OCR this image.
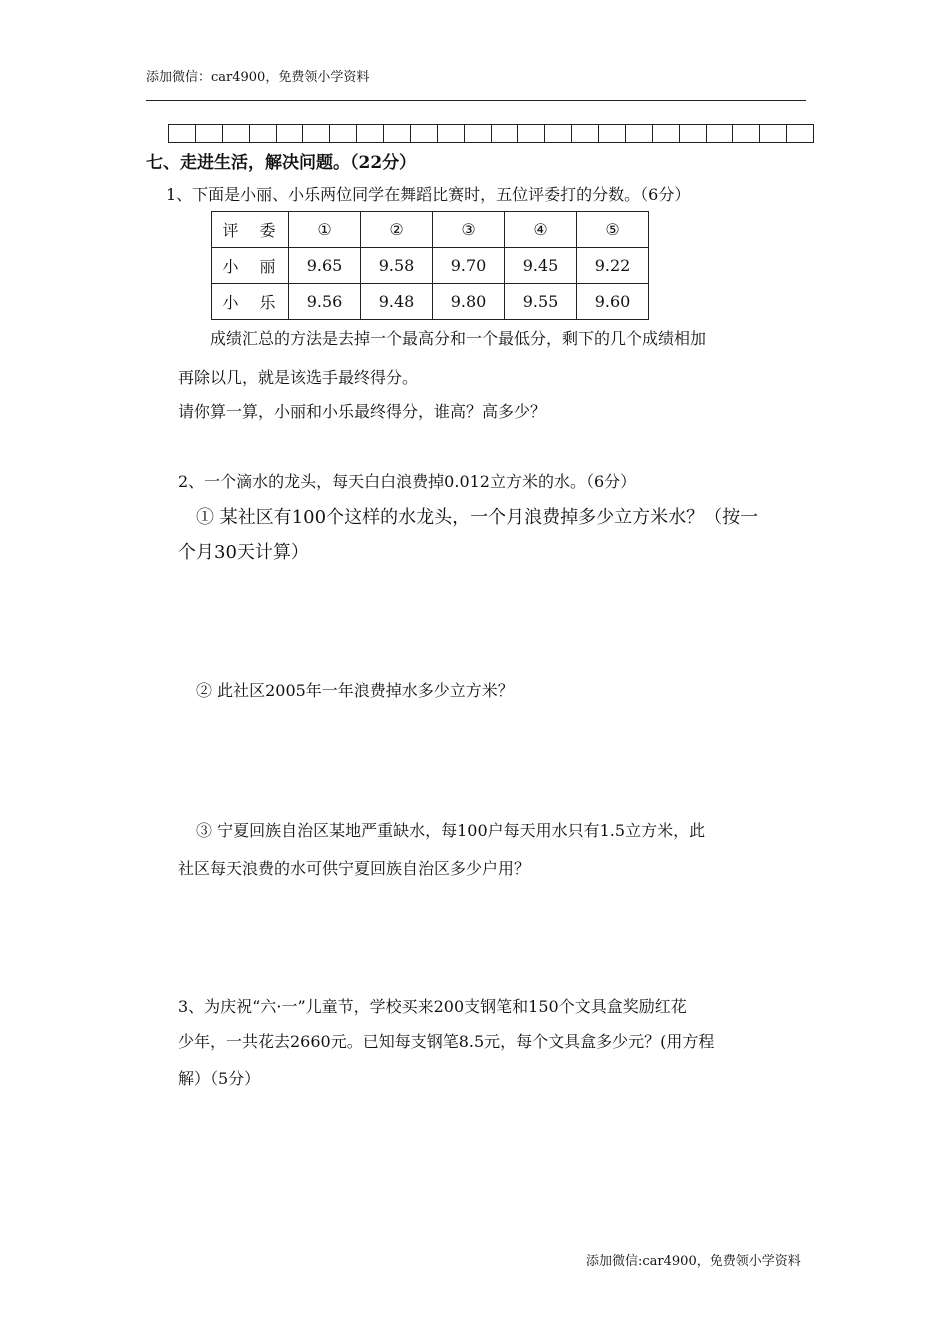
添加微信：car4900，免费领小学资料
七、走进生活，解决问题。（22分）
1、下面是小丽、小乐两位同学在舞蹈比赛时，五位评委打的分数。（6分）
评 委	①	②	③	④	⑤
小 丽	9.65	9.58	9.70	9.45	9.22
小 乐	9.56	9.48	9.80	9.55	9.60
成绩汇总的方法是去掉一个最高分和一个最低分，剩下的几个成绩相加
再除以几，就是该选手最终得分。
请你算一算，小丽和小乐最终得分，谁高？高多少？
2、一个滴水的龙头，每天白白浪费掉0.012立方米的水。（6分）
① 某社区有100个这样的水龙头，一个月浪费掉多少立方米水？（按一
个月30天计算）
② 此社区2005年一年浪费掉水多少立方米？
③ 宁夏回族自治区某地严重缺水，每100户每天用水只有1.5立方米，此
社区每天浪费的水可供宁夏回族自治区多少户用？
3、为庆祝“六·一”儿童节，学校买来200支钢笔和150个文具盒奖励红花
少年，一共花去2660元。已知每支钢笔8.5元，每个文具盒多少元？(用方程
解）（5分）
添加微信:car4900，免费领小学资料
